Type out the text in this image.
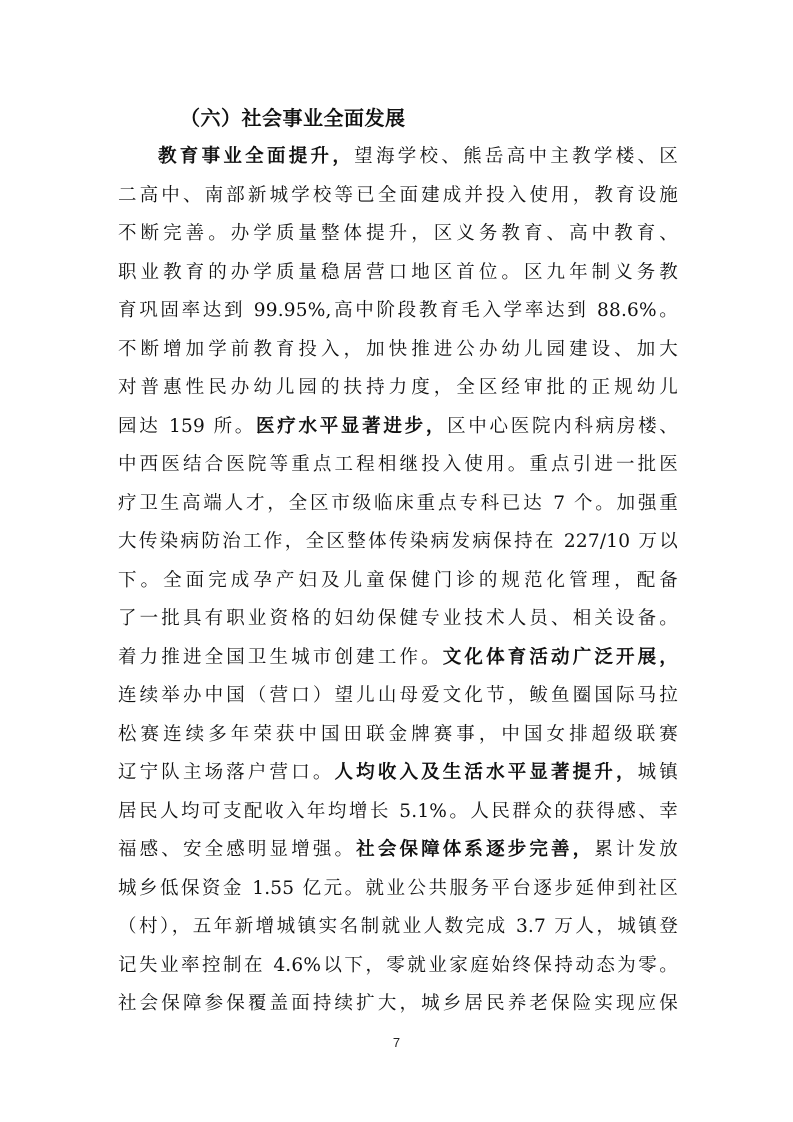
（六）社会事业全面发展
教育事业全面提升，望海学校、熊岳高中主教学楼、区
二高中、南部新城学校等已全面建成并投入使用，教育设施
不断完善。办学质量整体提升，区义务教育、高中教育、
职业教育的办学质量稳居营口地区首位。区九年制义务教
育巩固率达到 99.95%,高中阶段教育毛入学率达到 88.6%。
不断增加学前教育投入，加快推进公办幼儿园建设、加大
对普惠性民办幼儿园的扶持力度，全区经审批的正规幼儿
园达 159 所。医疗水平显著进步，区中心医院内科病房楼、
中西医结合医院等重点工程相继投入使用。重点引进一批医
疗卫生高端人才，全区市级临床重点专科已达 7 个。加强重
大传染病防治工作，全区整体传染病发病保持在 227/10 万以
下。全面完成孕产妇及儿童保健门诊的规范化管理，配备
了一批具有职业资格的妇幼保健专业技术人员、相关设备。
着力推进全国卫生城市创建工作。文化体育活动广泛开展，
连续举办中国（营口）望儿山母爱文化节，鲅鱼圈国际马拉
松赛连续多年荣获中国田联金牌赛事，中国女排超级联赛
辽宁队主场落户营口。人均收入及生活水平显著提升，城镇
居民人均可支配收入年均增长 5.1%。人民群众的获得感、幸
福感、安全感明显增强。社会保障体系逐步完善，累计发放
城乡低保资金 1.55 亿元。就业公共服务平台逐步延伸到社区
（村），五年新增城镇实名制就业人数完成 3.7 万人，城镇登
记失业率控制在 4.6%以下，零就业家庭始终保持动态为零。
社会保障参保覆盖面持续扩大，城乡居民养老保险实现应保
7
